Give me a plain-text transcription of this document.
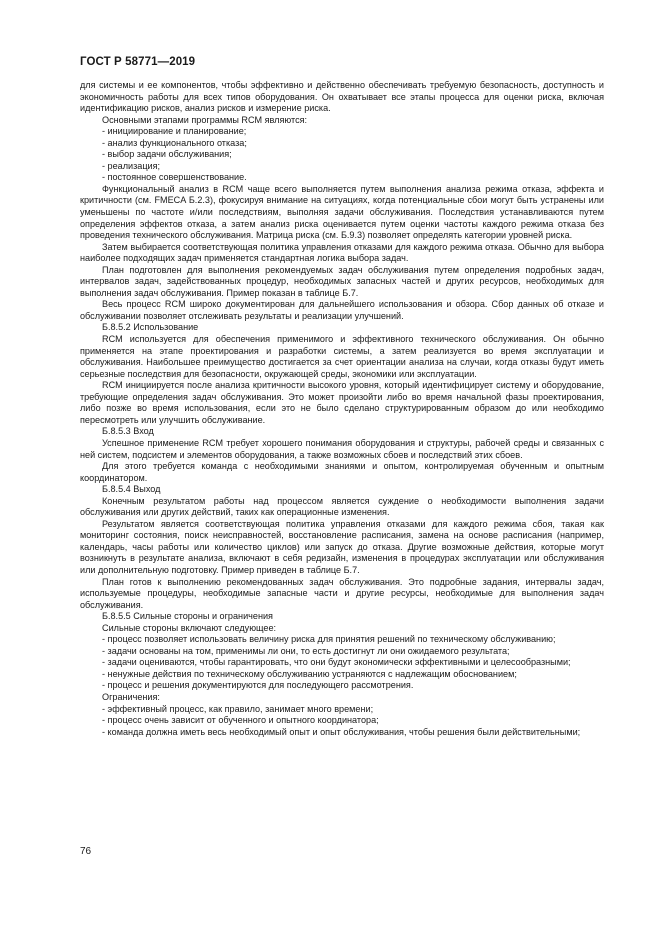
ГОСТ Р 58771—2019

для системы и ее компонентов, чтобы эффективно и действенно обеспечивать требуемую безопасность, доступность и экономичность работы для всех типов оборудования. Он охватывает все этапы процесса для оценки риска, включая идентификацию рисков, анализ рисков и измерение риска.

Основными этапами программы RCM являются:

- инициирование и планирование;

- анализ функционального отказа;

- выбор задачи обслуживания;

- реализация;

- постоянное совершенствование.

Функциональный анализ в RCM чаще всего выполняется путем выполнения анализа режима отказа, эффекта и критичности (см. FMECA Б.2.3), фокусируя внимание на ситуациях, когда потенциальные сбои могут быть устранены или уменьшены по частоте и/или последствиям, выполняя задачи обслуживания. Последствия устанавливаются путем определения эффектов отказа, а затем анализ риска оценивается путем оценки частоты каждого режима отказа без проведения технического обслуживания. Матрица риска (см. Б.9.3) позволяет определять категории уровней риска.

Затем выбирается соответствующая политика управления отказами для каждого режима отказа. Обычно для выбора наиболее подходящих задач применяется стандартная логика выбора задач.

План подготовлен для выполнения рекомендуемых задач обслуживания путем определения подробных задач, интервалов задач, задействованных процедур, необходимых запасных частей и других ресурсов, необходимых для выполнения задач обслуживания. Пример показан в таблице Б.7.

Весь процесс RCM широко документирован для дальнейшего использования и обзора. Сбор данных об отказе и обслуживании позволяет отслеживать результаты и реализации улучшений.

Б.8.5.2 Использование

RCM используется для обеспечения применимого и эффективного технического обслуживания. Он обычно применяется на этапе проектирования и разработки системы, а затем реализуется во время эксплуатации и обслуживания. Наибольшее преимущество достигается за счет ориентации анализа на случаи, когда отказы будут иметь серьезные последствия для безопасности, окружающей среды, экономики или эксплуатации.

RCM инициируется после анализа критичности высокого уровня, который идентифицирует систему и оборудование, требующие определения задач обслуживания. Это может произойти либо во время начальной фазы проектирования, либо позже во время использования, если это не было сделано структурированным образом до или необходимо пересмотреть или улучшить обслуживание.

Б.8.5.3 Вход

Успешное применение RCM требует хорошего понимания оборудования и структуры, рабочей среды и связанных с ней систем, подсистем и элементов оборудования, а также возможных сбоев и последствий этих сбоев.

Для этого требуется команда с необходимыми знаниями и опытом, контролируемая обученным и опытным координатором.

Б.8.5.4 Выход

Конечным результатом работы над процессом является суждение о необходимости выполнения задачи обслуживания или других действий, таких как операционные изменения.

Результатом является соответствующая политика управления отказами для каждого режима сбоя, такая как мониторинг состояния, поиск неисправностей, восстановление расписания, замена на основе расписания (например, календарь, часы работы или количество циклов) или запуск до отказа. Другие возможные действия, которые могут возникнуть в результате анализа, включают в себя редизайн, изменения в процедурах эксплуатации или обслуживания или дополнительную подготовку. Пример приведен в таблице Б.7.

План готов к выполнению рекомендованных задач обслуживания. Это подробные задания, интервалы задач, используемые процедуры, необходимые запасные части и другие ресурсы, необходимые для выполнения задач обслуживания.

Б.8.5.5 Сильные стороны и ограничения

Сильные стороны включают следующее:

- процесс позволяет использовать величину риска для принятия решений по техническому обслуживанию;

- задачи основаны на том, применимы ли они, то есть достигнут ли они ожидаемого результата;

- задачи оцениваются, чтобы гарантировать, что они будут экономически эффективными и целесообразными;

- ненужные действия по техническому обслуживанию устраняются с надлежащим обоснованием;

- процесс и решения документируются для последующего рассмотрения.

Ограничения:

- эффективный процесс, как правило, занимает много времени;

- процесс очень зависит от обученного и опытного координатора;

- команда должна иметь весь необходимый опыт и опыт обслуживания, чтобы решения были действительными;

76
